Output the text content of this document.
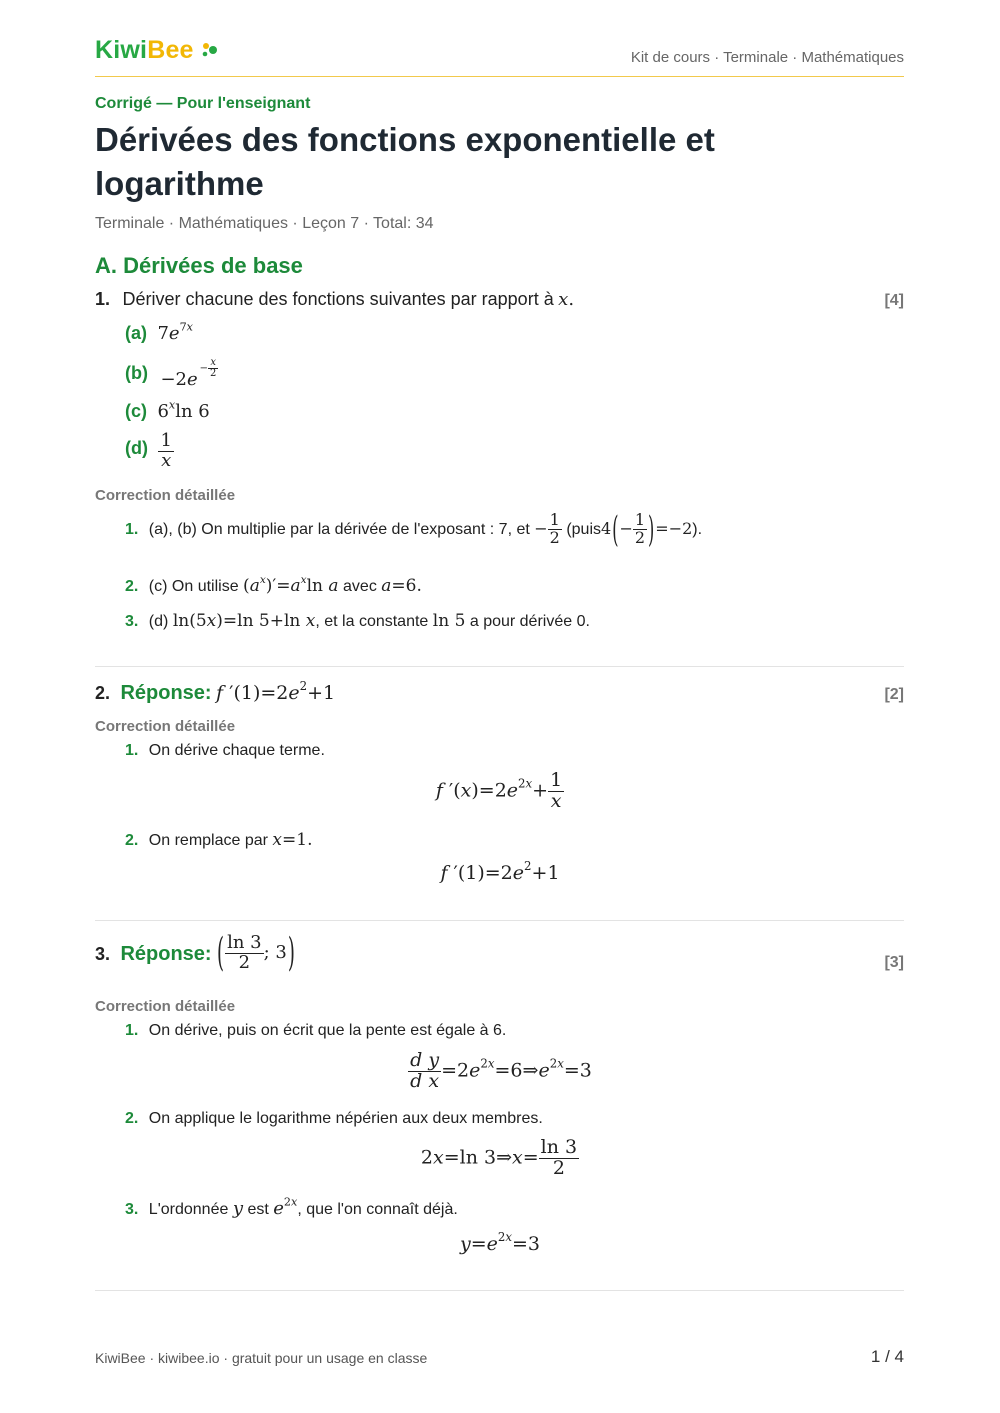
KiwiBee	Kit de cours · Terminale · Mathématiques
Corrigé — Pour l'enseignant
Dérivées des fonctions exponentielle et logarithme
Terminale · Mathématiques · Leçon 7 · Total: 34
A. Dérivées de base
1. Dériver chacune des fonctions suivantes par rapport à x.	[4]
(a) $7e^{7x}$
$(b) -2e^{- \frac{x}{2}}$
(c) 6$^x$ln 6
$(d) \frac{1}{x}$
Correction détaillée
1. (a), (b) On multiplie par la dérivée de l'exposant : 7, et − $\frac{1}{2}$ (puis4(− $\frac{1}{2} )=-2$).
2. (c) On utilise $(a^x)'=a^x\ln$ a avec a=6.
3. (d) ln(5x)=ln 5+ln x, et la constante ln 5 a pour dérivée 0.
2. Réponse: f $'(1)=2e^2+1$	[2]
Correction détaillée
1. On dérive chaque terme.
f $'(x)=2e^{2x}+ \frac{1}{x}$
2. On remplace par x=1.
f $'(1)=2e^2+1$
3. Réponse: ( $\frac{\ln 3}{2}$ ; 3)	[3]
Correction détaillée
1. On dérive, puis on écrit que la pente est égale à 6.
$\frac{\text{d y}}{\text{d x}}$ $=2e^{2x}=6\Rightarrow e^{2x}=3$
2. On applique le logarithme népérien aux deux membres.
2x=ln 3⇒x= $\frac{\ln 3}{2}$
3. L'ordonnée y est $e^{2x}$, que l'on connaît déjà.
$y=e^{2x}=3$
KiwiBee · kiwibee.io · gratuit pour un usage en classe	1 / 4
